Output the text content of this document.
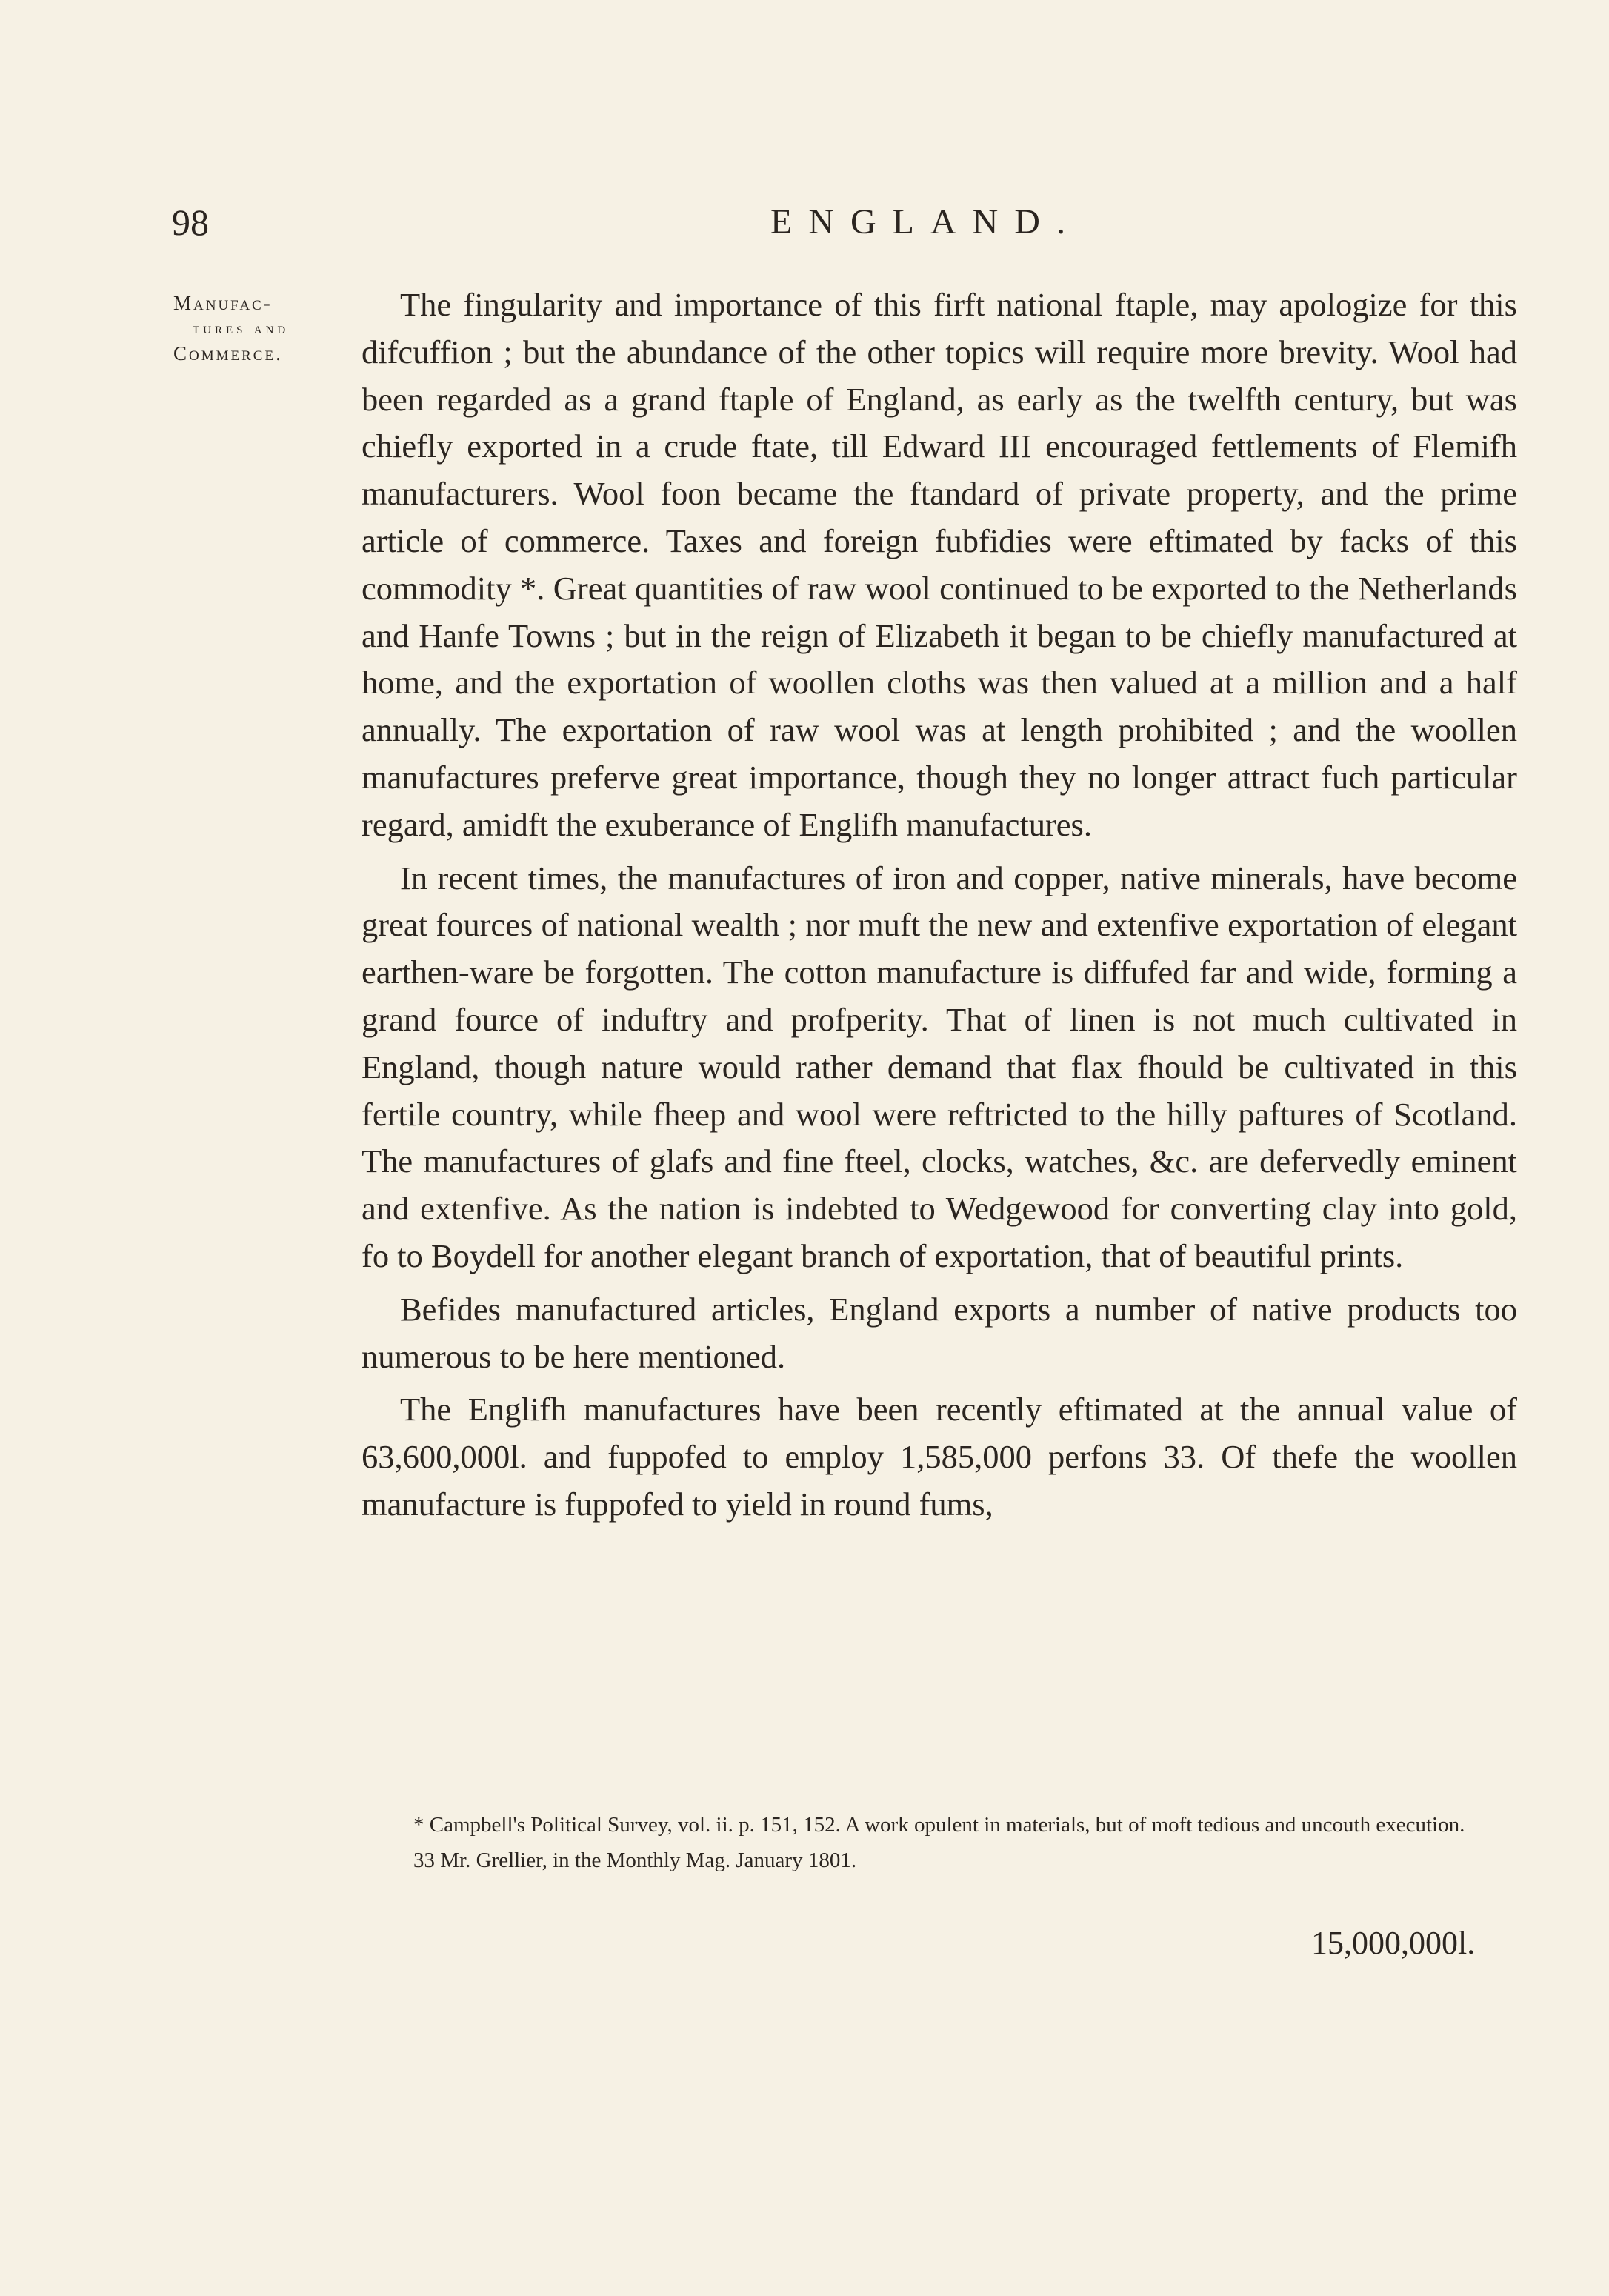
98	ENGLAND.
Manufac-
tures and
Commerce.

The fingularity and importance of this firft national ftaple, may apologize for this difcuffion ; but the abundance of the other topics will require more brevity. Wool had been regarded as a grand ftaple of England, as early as the twelfth century, but was chiefly exported in a crude ftate, till Edward III encouraged fettlements of Flemifh manufacturers. Wool foon became the ftandard of private property, and the prime article of commerce. Taxes and foreign fubfidies were eftimated by facks of this commodity *. Great quantities of raw wool continued to be exported to the Netherlands and Hanfe Towns ; but in the reign of Elizabeth it began to be chiefly manufactured at home, and the exportation of woollen cloths was then valued at a million and a half annually. The exportation of raw wool was at length prohibited ; and the woollen manufactures preferve great importance, though they no longer attract fuch particular regard, amidft the exuberance of Englifh manufactures.

In recent times, the manufactures of iron and copper, native minerals, have become great fources of national wealth ; nor muft the new and extenfive exportation of elegant earthen-ware be forgotten. The cotton manufacture is diffufed far and wide, forming a grand fource of induftry and profperity. That of linen is not much cultivated in England, though nature would rather demand that flax fhould be cultivated in this fertile country, while fheep and wool were reftricted to the hilly paftures of Scotland. The manufactures of glafs and fine fteel, clocks, watches, &c. are defervedly eminent and extenfive. As the nation is indebted to Wedgewood for converting clay into gold, fo to Boydell for another elegant branch of exportation, that of beautiful prints.

Befides manufactured articles, England exports a number of native products too numerous to be here mentioned.

The Englifh manufactures have been recently eftimated at the annual value of 63,600,000l. and fuppofed to employ 1,585,000 perfons 33. Of thefe the woollen manufacture is fuppofed to yield in round fums,

* Campbell's Political Survey, vol. ii. p. 151, 152. A work opulent in materials, but of moft tedious and uncouth execution.

33 Mr. Grellier, in the Monthly Mag. January 1801.

15,000,000l.
